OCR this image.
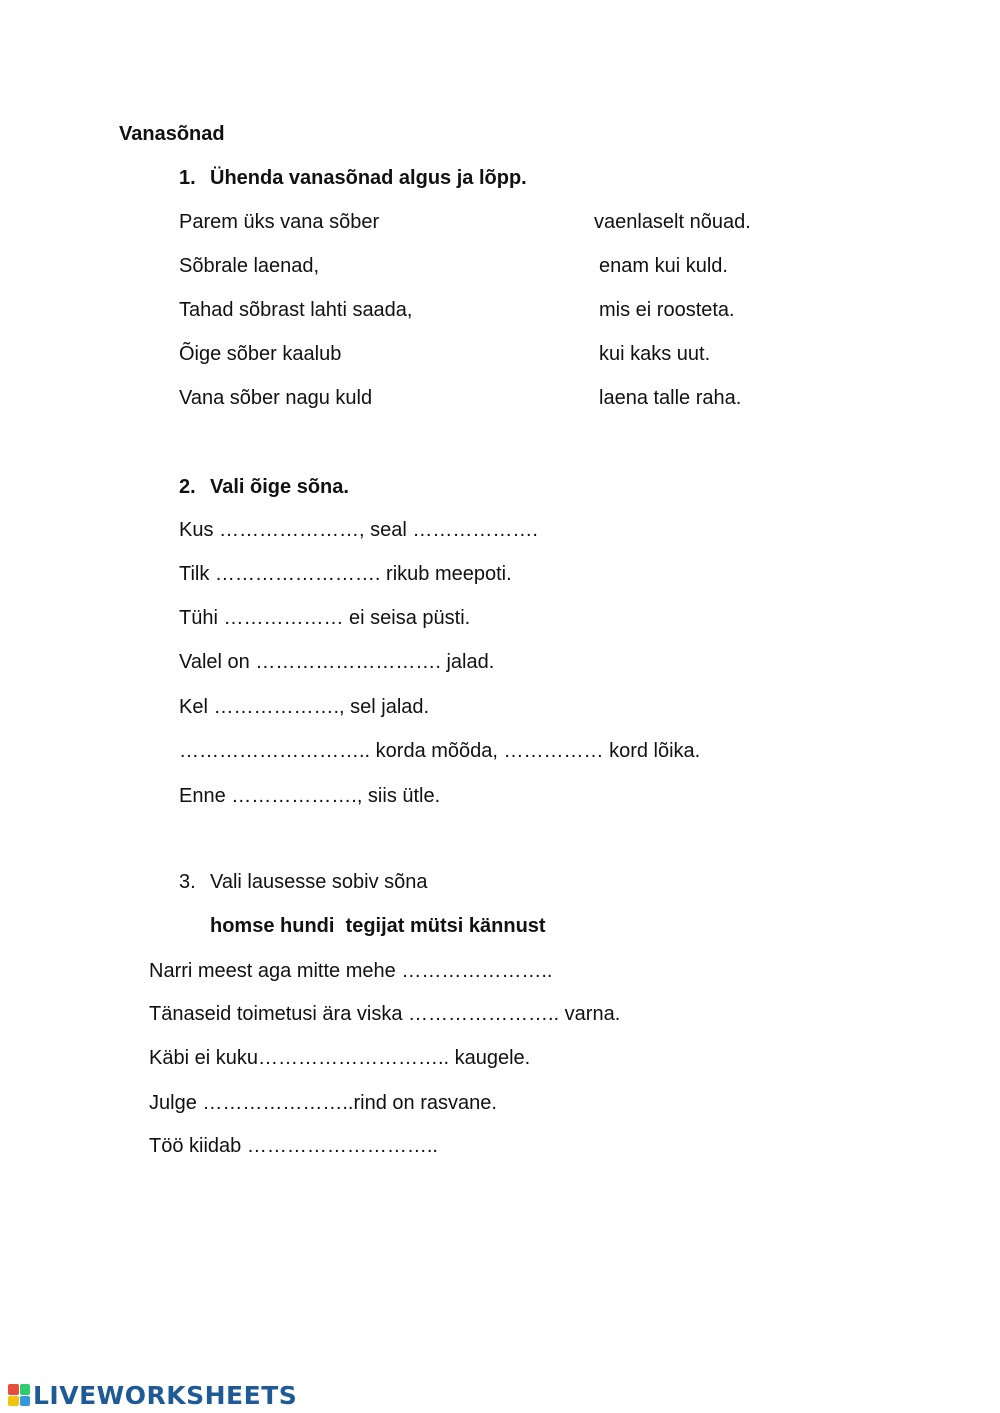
Vanasõnad
1. Ühenda vanasõnad algus ja lõpp.
Parem üks vana sõber	vaenlaselt nõuad.
Sõbrale laenad,	enam kui kuld.
Tahad sõbrast lahti saada,	mis ei roosteta.
Õige sõber kaalub	kui kaks uut.
Vana sõber nagu kuld	laena talle raha.
2. Vali õige sõna.
Kus …………………, seal ……………….
Tilk ……………………. rikub meepoti.
Tühi ……………… ei seisa püsti.
Valel on ………………………. jalad.
Kel ………………., sel jalad.
……………………….. korda mõõda, …………… kord lõika.
Enne ………………., siis ütle.
3. Vali lausesse sobiv sõna
homse hundi  tegijat mütsi kännust
Narri meest aga mitte mehe …………………..
Tänaseid toimetusi ära viska ………………….. varna.
Käbi ei kuku……………………….. kaugele.
Julge …………………..rind on rasvane.
Töö kiidab ………………………..
LIVEWORKSHEETS
